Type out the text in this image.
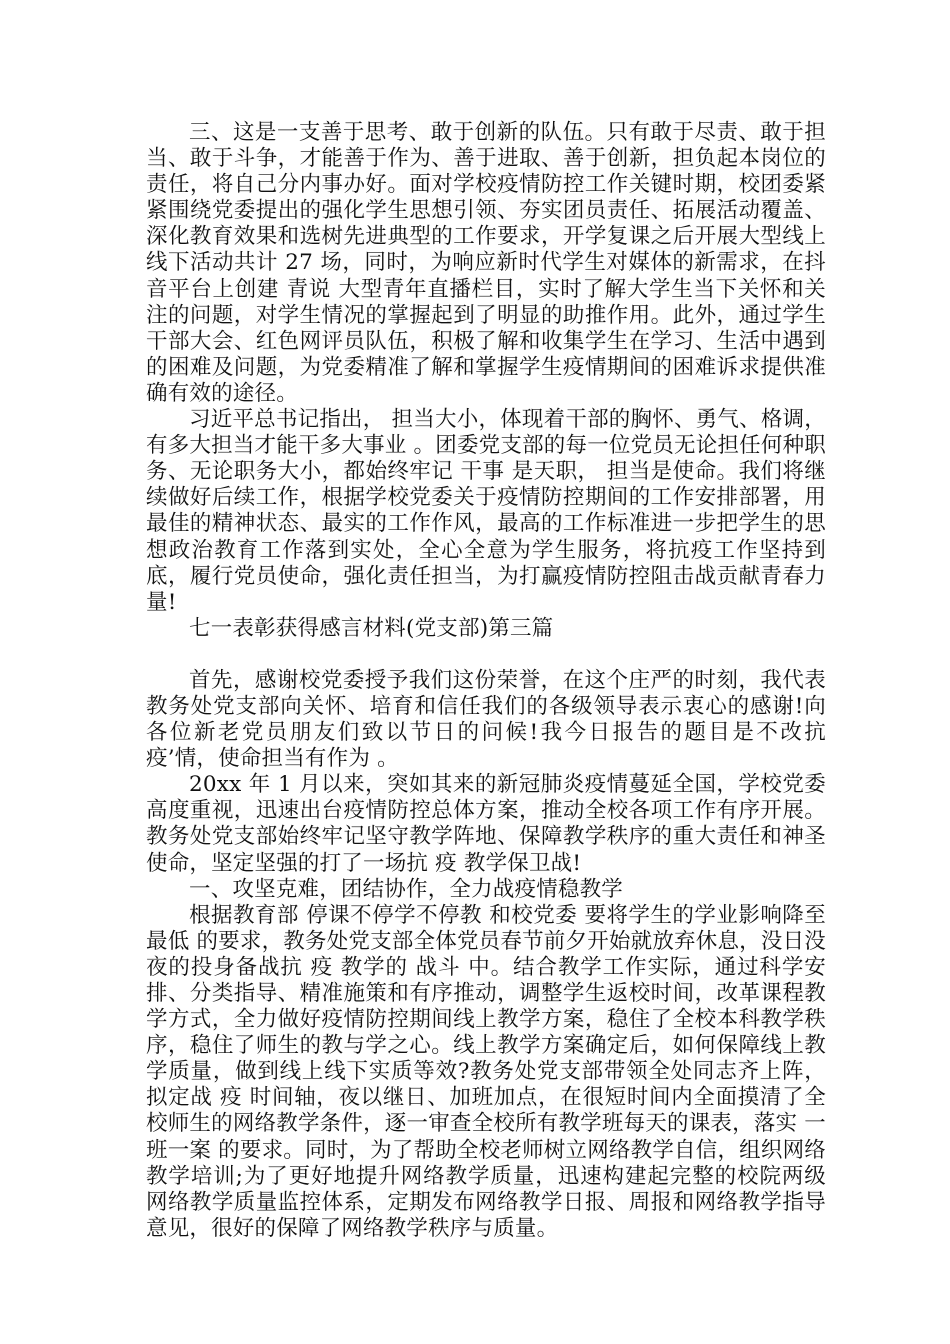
三、这是一支善于思考、敢于创新的队伍。只有敢于尽责、敢于担当、敢于斗争，才能善于作为、善于进取、善于创新，担负起本岗位的责任，将自己分内事办好。面对学校疫情防控工作关键时期，校团委紧紧围绕党委提出的强化学生思想引领、夯实团员责任、拓展活动覆盖、深化教育效果和选树先进典型的工作要求，开学复课之后开展大型线上线下活动共计 27 场，同时，为响应新时代学生对媒体的新需求，在抖音平台上创建 青说 大型青年直播栏目，实时了解大学生当下关怀和关注的问题，对学生情况的掌握起到了明显的助推作用。此外，通过学生干部大会、红色网评员队伍，积极了解和收集学生在学习、生活中遇到的困难及问题，为党委精准了解和掌握学生疫情期间的困难诉求提供准确有效的途径。

习近平总书记指出， 担当大小，体现着干部的胸怀、勇气、格调，有多大担当才能干多大事业 。团委党支部的每一位党员无论担任何种职务、无论职务大小，都始终牢记 干事 是天职， 担当是使命。我们将继续做好后续工作，根据学校党委关于疫情防控期间的工作安排部署，用最佳的精神状态、最实的工作作风，最高的工作标准进一步把学生的思想政治教育工作落到实处，全心全意为学生服务，将抗疫工作坚持到底，履行党员使命，强化责任担当，为打赢疫情防控阻击战贡献青春力量!

七一表彰获得感言材料(党支部)第三篇

首先，感谢校党委授予我们这份荣誉，在这个庄严的时刻，我代表教务处党支部向关怀、培育和信任我们的各级领导表示衷心的感谢!向各位新老党员朋友们致以节日的问候!我今日报告的题目是不改抗 疫’情，使命担当有作为 。

20xx 年 1 月以来，突如其来的新冠肺炎疫情蔓延全国，学校党委高度重视，迅速出台疫情防控总体方案，推动全校各项工作有序开展。教务处党支部始终牢记坚守教学阵地、保障教学秩序的重大责任和神圣使命，坚定坚强的打了一场抗 疫 教学保卫战!

一、攻坚克难，团结协作，全力战疫情稳教学

根据教育部 停课不停学不停教 和校党委 要将学生的学业影响降至最低 的要求，教务处党支部全体党员春节前夕开始就放弃休息，没日没夜的投身备战抗 疫 教学的 战斗 中。结合教学工作实际，通过科学安排、分类指导、精准施策和有序推动，调整学生返校时间，改革课程教学方式，全力做好疫情防控期间线上教学方案，稳住了全校本科教学秩序，稳住了师生的教与学之心。线上教学方案确定后，如何保障线上教学质量，做到线上线下实质等效?教务处党支部带领全处同志齐上阵，拟定战 疫 时间轴，夜以继日、加班加点，在很短时间内全面摸清了全校师生的网络教学条件，逐一审查全校所有教学班每天的课表，落实 一班一案 的要求。同时，为了帮助全校老师树立网络教学自信，组织网络教学培训;为了更好地提升网络教学质量，迅速构建起完整的校院两级网络教学质量监控体系，定期发布网络教学日报、周报和网络教学指导意见，很好的保障了网络教学秩序与质量。
